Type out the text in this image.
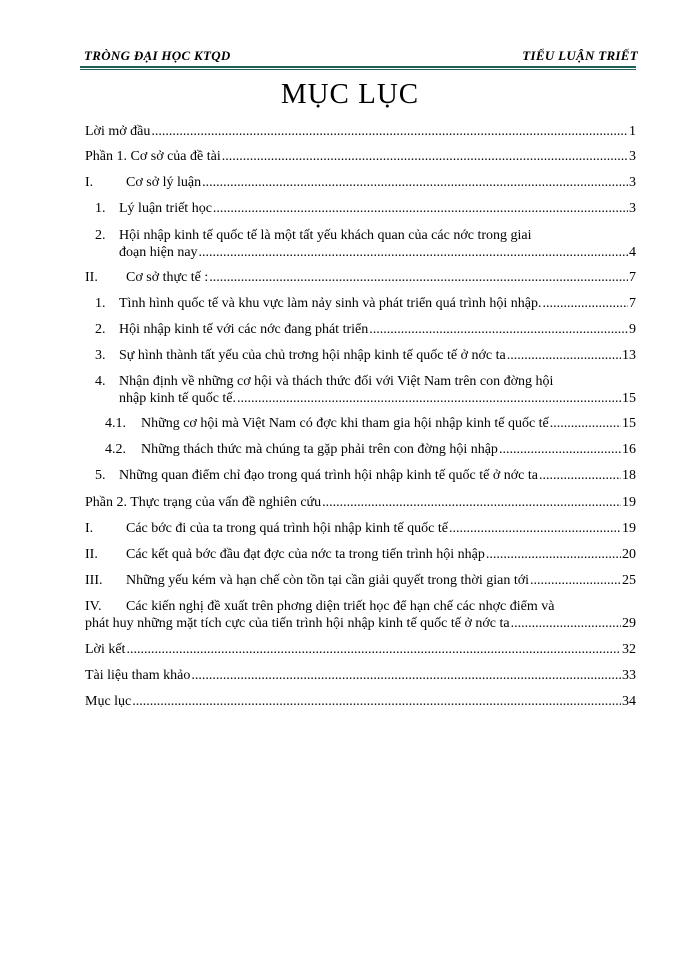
TRÒNG ĐẠI HỌC KTQD	TIỂU LUẬN TRIẾT
MỤC LỤC
Lời mở đầu .....	1
Phần 1. Cơ sở của đề tài .....	3
I. Cơ sở lý luận .....	3
1. Lý luận triết học .....	3
2. Hội nhập kinh tế quốc tế là một tất yếu khách quan của các nớc trong giai
đoạn hiện nay .....	4
II. Cơ sở thực tế : .....	7
1. Tình hình quốc tế và khu vực làm nảy sinh và phát triển quá trình hội nhập. .....	7
2. Hội nhập kinh tế với các nớc đang phát triển .....	9
3. Sự hình thành tất yếu của chủ trơng hội nhập kinh tế quốc tế ở nớc ta .....	13
4. Nhận định về những cơ hội và thách thức đối với Việt Nam trên con đờng hội
nhập kinh tế quốc tế. .....	15
4.1. Những cơ hội mà Việt Nam có đợc khi tham gia hội nhập kinh tế quốc tế .....	15
4.2. Những thách thức mà chúng ta gặp phải trên con đờng hội nhập .....	16
5. Những quan điểm chỉ đạo trong quá trình hội nhập kinh tế quốc tế ở nớc ta .....	18
Phần 2. Thực trạng của vấn đề nghiên cứu .....	19
I. Các bớc đi của ta trong quá trình hội nhập kinh tế quốc tế .....	19
II. Các kết quả bớc đầu đạt đợc của nớc ta trong tiến trình hội nhập .....	20
III. Những yếu kém và hạn chế còn tồn tại cần giải quyết trong thời gian tới .....	25
IV. Các kiến nghị đề xuất trên phơng diện triết học để hạn chế các nhợc điểm và
phát huy những mặt tích cực của tiến trình hội nhập kinh tế quốc tế ở nớc ta .....	29
Lời kết .....	32
Tài liệu tham khảo .....	33
Mục lục .....	34
